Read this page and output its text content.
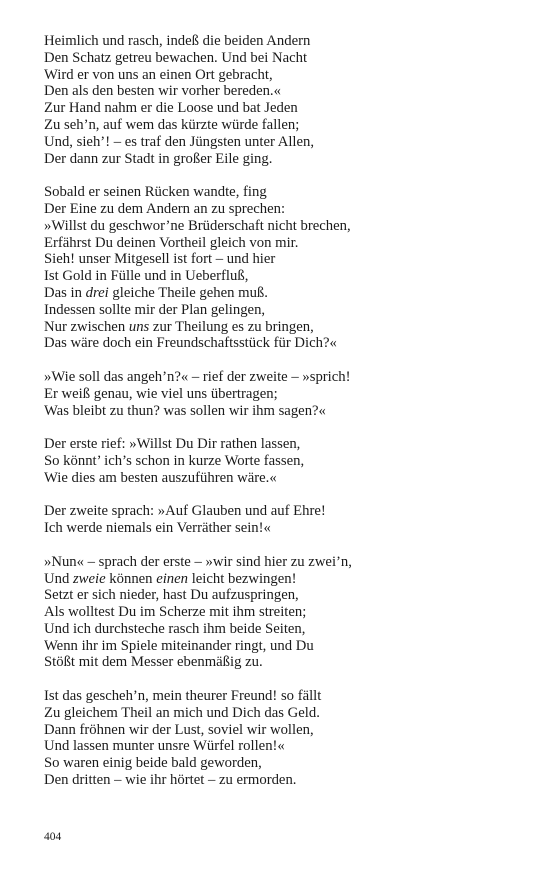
Heimlich und rasch, indeß die beiden Andern
Den Schatz getreu bewachen. Und bei Nacht
Wird er von uns an einen Ort gebracht,
Den als den besten wir vorher bereden.«
Zur Hand nahm er die Loose und bat Jeden
Zu seh’n, auf wem das kürzte würde fallen;
Und, sieh’! – es traf den Jüngsten unter Allen,
Der dann zur Stadt in großer Eile ging.
Sobald er seinen Rücken wandte, fing
Der Eine zu dem Andern an zu sprechen:
»Willst du geschwor’ne Brüderschaft nicht brechen,
Erfährst Du deinen Vortheil gleich von mir.
Sieh! unser Mitgesell ist fort – und hier
Ist Gold in Fülle und in Ueberfluß,
Das in drei gleiche Theile gehen muß.
Indessen sollte mir der Plan gelingen,
Nur zwischen uns zur Theilung es zu bringen,
Das wäre doch ein Freundschaftsstück für Dich?«
»Wie soll das angeh’n?« – rief der zweite – »sprich!
Er weiß genau, wie viel uns übertragen;
Was bleibt zu thun? was sollen wir ihm sagen?«
Der erste rief: »Willst Du Dir rathen lassen,
So könnt’ ich’s schon in kurze Worte fassen,
Wie dies am besten auszuführen wäre.«
Der zweite sprach: »Auf Glauben und auf Ehre!
Ich werde niemals ein Verräther sein!«
»Nun« – sprach der erste – »wir sind hier zu zwei’n,
Und zweie können einen leicht bezwingen!
Setzt er sich nieder, hast Du aufzuspringen,
Als wolltest Du im Scherze mit ihm streiten;
Und ich durchsteche rasch ihm beide Seiten,
Wenn ihr im Spiele miteinander ringt, und Du
Stößt mit dem Messer ebenmäßig zu.
Ist das gescheh’n, mein theurer Freund! so fällt
Zu gleichem Theil an mich und Dich das Geld.
Dann fröhnen wir der Lust, soviel wir wollen,
Und lassen munter unsre Würfel rollen!«
So waren einig beide bald geworden,
Den dritten – wie ihr hörtet – zu ermorden.
404
